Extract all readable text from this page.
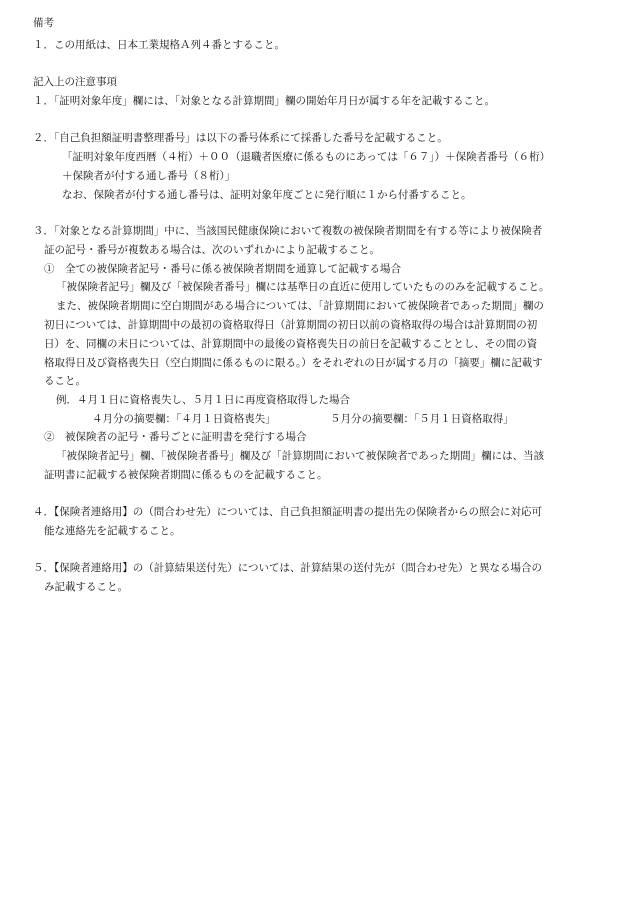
備考

１．この用紙は、日本工業規格Ａ列４番とすること。

記入上の注意事項

１．「証明対象年度」欄には、「対象となる計算期間」欄の開始年月日が属する年を記載すること。

２．「自己負担額証明書整理番号」は以下の番号体系にて採番した番号を記載すること。

「証明対象年度西暦（４桁）＋００（退職者医療に係るものにあっては「６７」）＋保険者番号（６桁）

＋保険者が付する通し番号（８桁）」

なお、保険者が付する通し番号は、証明対象年度ごとに発行順に１から付番すること。

３．「対象となる計算期間」中に、当該国民健康保険において複数の被保険者期間を有する等により被保険者

証の記号・番号が複数ある場合は、次のいずれかにより記載すること。

①　全ての被保険者記号・番号に係る被保険者期間を通算して記載する場合

「被保険者記号」欄及び「被保険者番号」欄には基準日の直近に使用していたもののみを記載すること。

また、被保険者期間に空白期間がある場合については、「計算期間において被保険者であった期間」欄の

初日については、計算期間中の最初の資格取得日（計算期間の初日以前の資格取得の場合は計算期間の初

日）を、同欄の末日については、計算期間中の最後の資格喪失日の前日を記載することとし、その間の資

格取得日及び資格喪失日（空白期間に係るものに限る。）をそれぞれの日が属する月の「摘要」欄に記載す

ること。

例．４月１日に資格喪失し、５月１日に再度資格取得した場合

４月分の摘要欄：「４月１日資格喪失」	５月分の摘要欄：「５月１日資格取得」

②　被保険者の記号・番号ごとに証明書を発行する場合

「被保険者記号」欄、「被保険者番号」欄及び「計算期間において被保険者であった期間」欄には、当該

証明書に記載する被保険者期間に係るものを記載すること。

４．【保険者連絡用】の（問合わせ先）については、自己負担額証明書の提出先の保険者からの照会に対応可

能な連絡先を記載すること。

５．【保険者連絡用】の（計算結果送付先）については、計算結果の送付先が（問合わせ先）と異なる場合の

み記載すること。
